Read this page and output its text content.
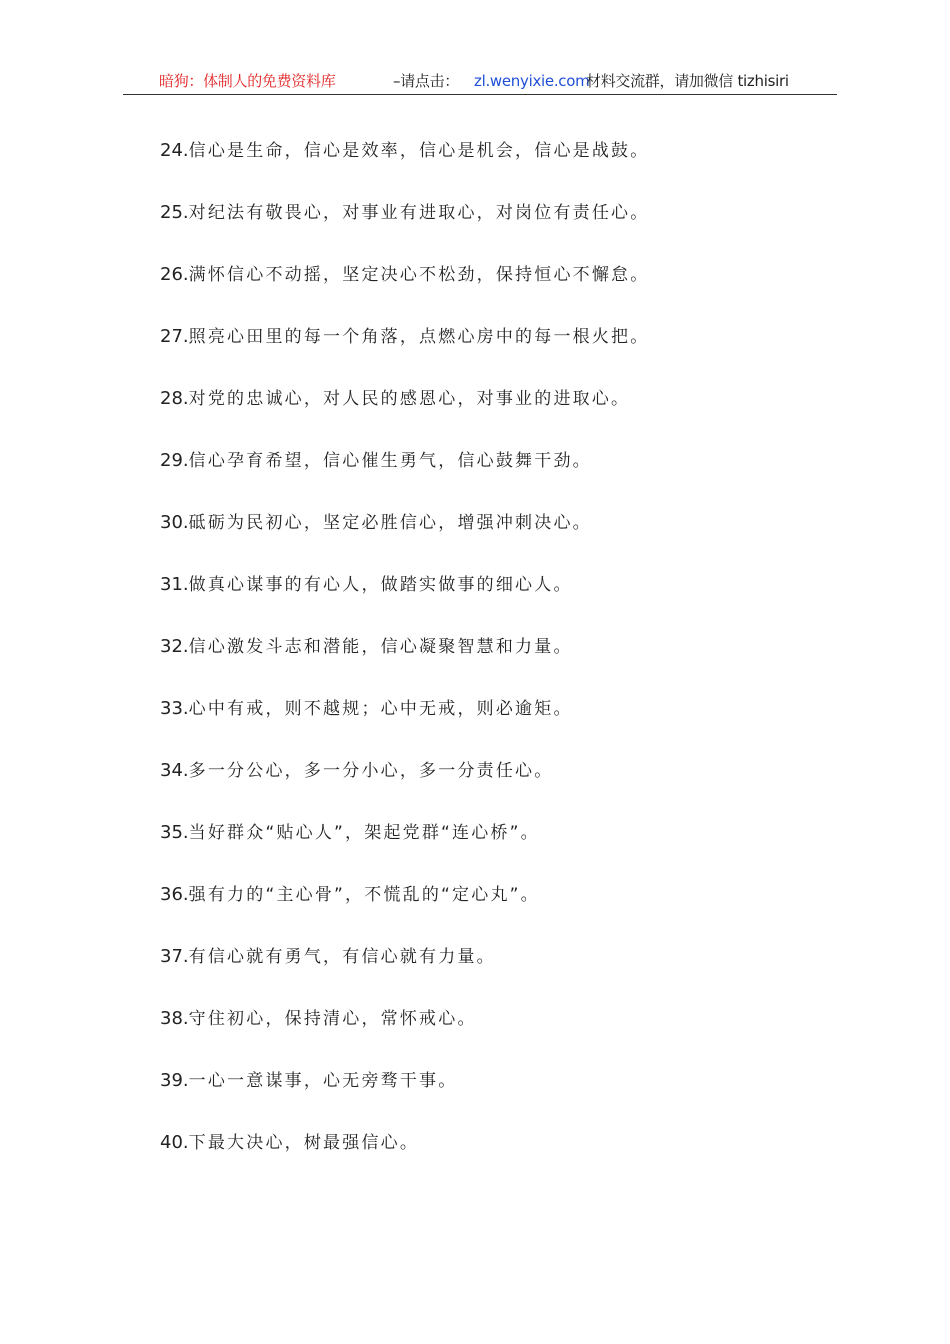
暗狗：体制人的免费资料库	–请点击： zl.wenyixie.com
材料交流群，请加微信 tizhisiri
24.信心是生命，信心是效率，信心是机会，信心是战鼓。
25.对纪法有敬畏心，对事业有进取心，对岗位有责任心。
26.满怀信心不动摇，坚定决心不松劲，保持恒心不懈怠。
27.照亮心田里的每一个角落，点燃心房中的每一根火把。
28.对党的忠诚心，对人民的感恩心，对事业的进取心。
29.信心孕育希望，信心催生勇气，信心鼓舞干劲。
30.砥砺为民初心，坚定必胜信心，增强冲刺决心。
31.做真心谋事的有心人，做踏实做事的细心人。
32.信心激发斗志和潜能，信心凝聚智慧和力量。
33.心中有戒，则不越规；心中无戒，则必逾矩。
34.多一分公心，多一分小心，多一分责任心。
35.当好群众“贴心人”，架起党群“连心桥”。
36.强有力的“主心骨”，不慌乱的“定心丸”。
37.有信心就有勇气，有信心就有力量。
38.守住初心，保持清心，常怀戒心。
39.一心一意谋事，心无旁骛干事。
40.下最大决心，树最强信心。
